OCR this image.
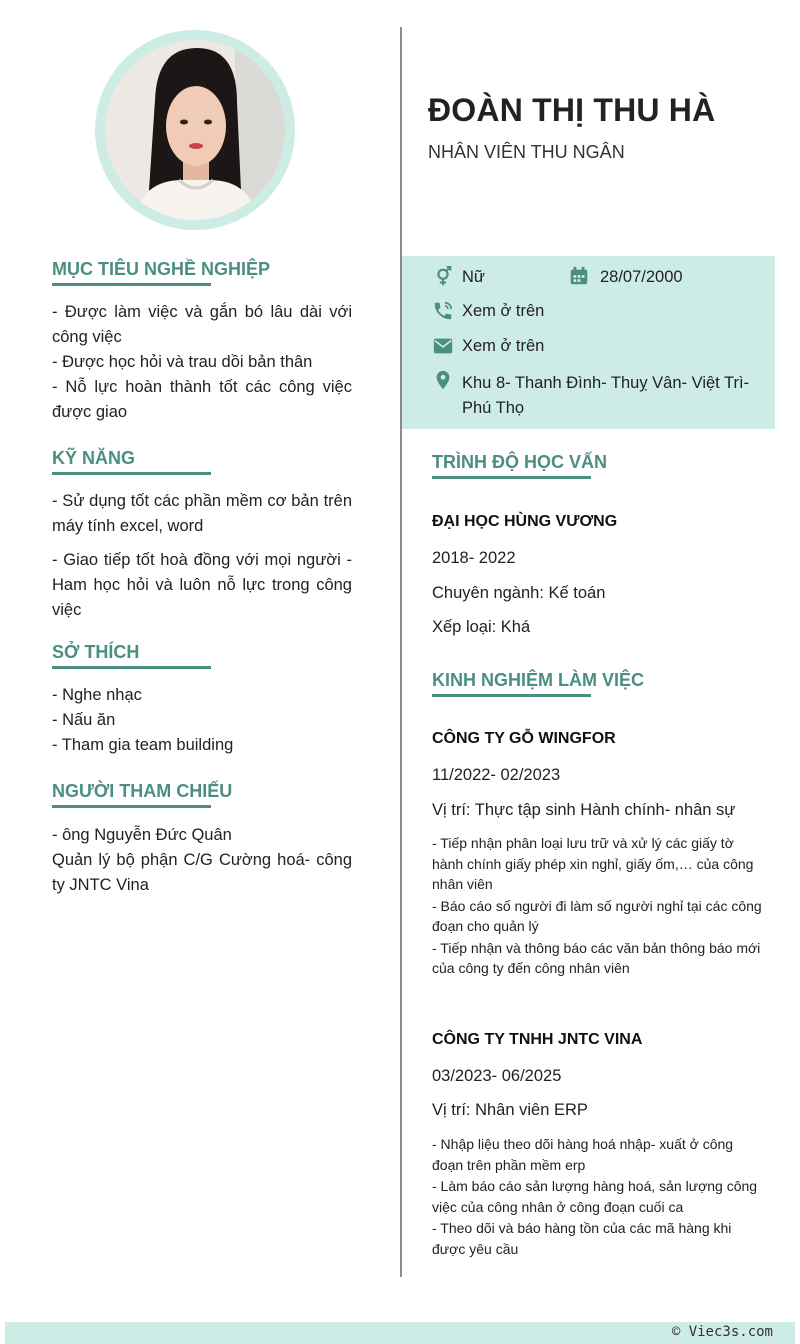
ĐOÀN THỊ THU HÀ
NHÂN VIÊN THU NGÂN
Nữ	28/07/2000
Xem ở trên
Xem ở trên
Khu 8- Thanh Đình- Thuỵ Vân- Việt Trì- Phú Thọ
MỤC TIÊU NGHỀ NGHIỆP
- Được làm việc và gắn bó lâu dài với công việc
- Được học hỏi và trau dồi bản thân
- Nỗ lực hoàn thành tốt các công việc được giao
KỸ NĂNG
- Sử dụng tốt các phần mềm cơ bản trên máy tính excel, word
- Giao tiếp tốt hoà đồng với mọi người - Ham học hỏi và luôn nỗ lực trong công việc
SỞ THÍCH
- Nghe nhạc
- Nấu ăn
- Tham gia team building
NGƯỜI THAM CHIẾU
- ông Nguyễn Đức Quân
Quản lý bộ phận C/G Cường hoá- công ty JNTC Vina
TRÌNH ĐỘ HỌC VẤN
ĐẠI HỌC HÙNG VƯƠNG
2018- 2022
Chuyên ngành: Kế toán
Xếp loại: Khá
KINH NGHIỆM LÀM VIỆC
CÔNG TY GỖ WINGFOR
11/2022- 02/2023
Vị trí: Thực tập sinh Hành chính- nhân sự
- Tiếp nhận phân loại lưu trữ và xử lý các giấy tờ hành chính giấy phép xin nghỉ, giấy ốm,… của công nhân viên
- Báo cáo số người đi làm số người nghỉ tại các công đoạn cho quản lý
- Tiếp nhận và thông báo các văn bản thông báo mới của công ty đến công nhân viên
CÔNG TY TNHH JNTC VINA
03/2023- 06/2025
Vị trí: Nhân viên ERP
- Nhập liệu theo dõi hàng hoá nhập- xuất ở công đoạn trên phần mềm erp
- Làm báo cáo sản lượng hàng hoá, sản lượng công việc của công nhân ở công đoạn cuối ca
- Theo dõi và báo hàng tồn của các mã hàng khi được yêu cầu
© Viec3s.com
